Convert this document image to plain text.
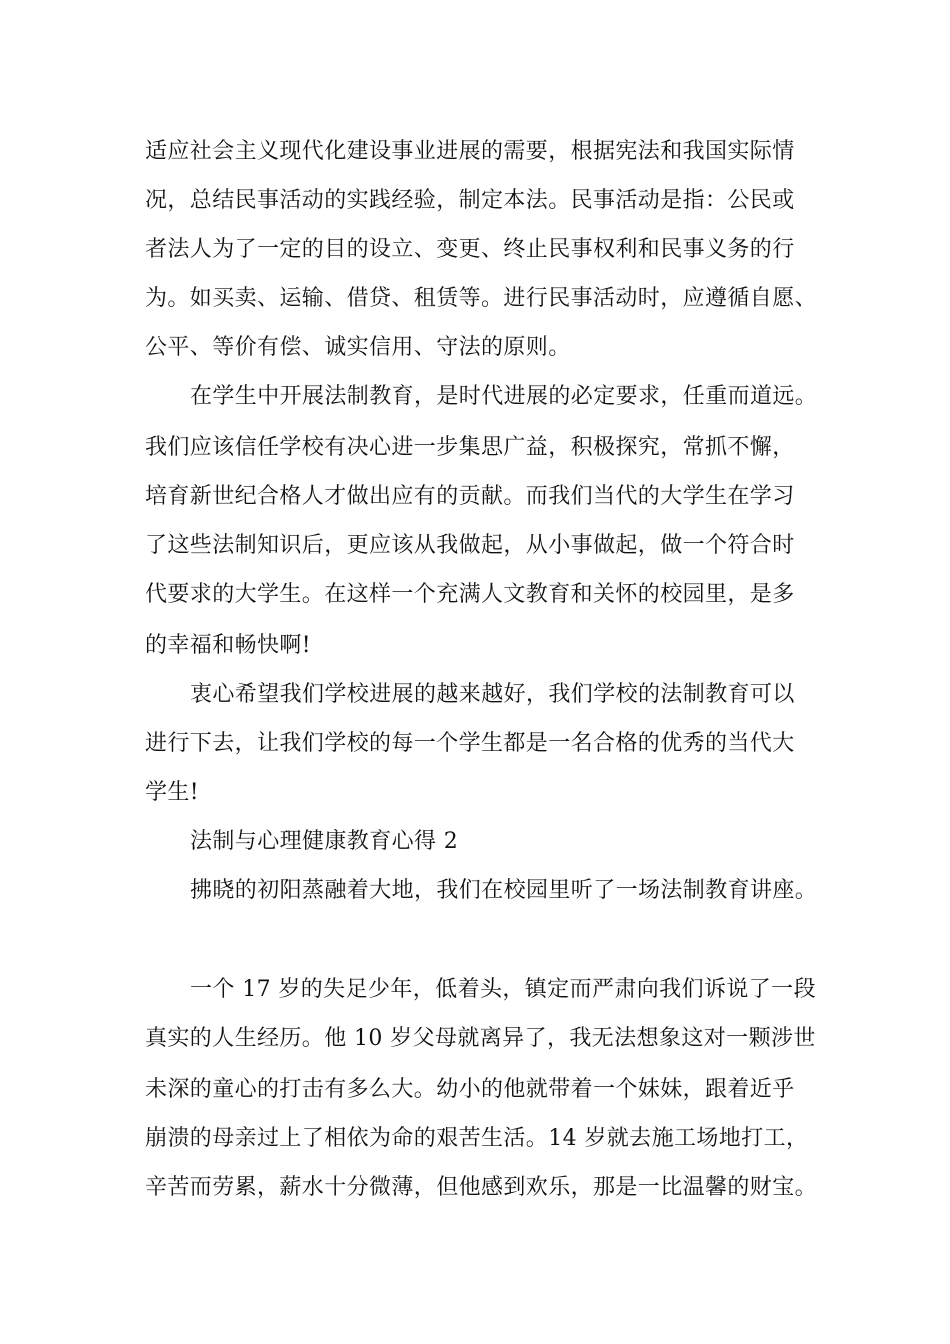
适应社会主义现代化建设事业进展的需要，根据宪法和我国实际情
况，总结民事活动的实践经验，制定本法。民事活动是指：公民或
者法人为了一定的目的设立、变更、终止民事权利和民事义务的行
为。如买卖、运输、借贷、租赁等。进行民事活动时，应遵循自愿、
公平、等价有偿、诚实信用、守法的原则。
在学生中开展法制教育，是时代进展的必定要求，任重而道远。
我们应该信任学校有决心进一步集思广益，积极探究，常抓不懈，
培育新世纪合格人才做出应有的贡献。而我们当代的大学生在学习
了这些法制知识后，更应该从我做起，从小事做起，做一个符合时
代要求的大学生。在这样一个充满人文教育和关怀的校园里，是多
的幸福和畅快啊!
衷心希望我们学校进展的越来越好，我们学校的法制教育可以
进行下去，让我们学校的每一个学生都是一名合格的优秀的当代大
学生!
法制与心理健康教育心得 2
拂晓的初阳蒸融着大地，我们在校园里听了一场法制教育讲座。
一个 17 岁的失足少年，低着头，镇定而严肃向我们诉说了一段
真实的人生经历。他 10 岁父母就离异了，我无法想象这对一颗涉世
未深的童心的打击有多么大。幼小的他就带着一个妹妹，跟着近乎
崩溃的母亲过上了相依为命的艰苦生活。14 岁就去施工场地打工，
辛苦而劳累，薪水十分微薄，但他感到欢乐，那是一比温馨的财宝。
